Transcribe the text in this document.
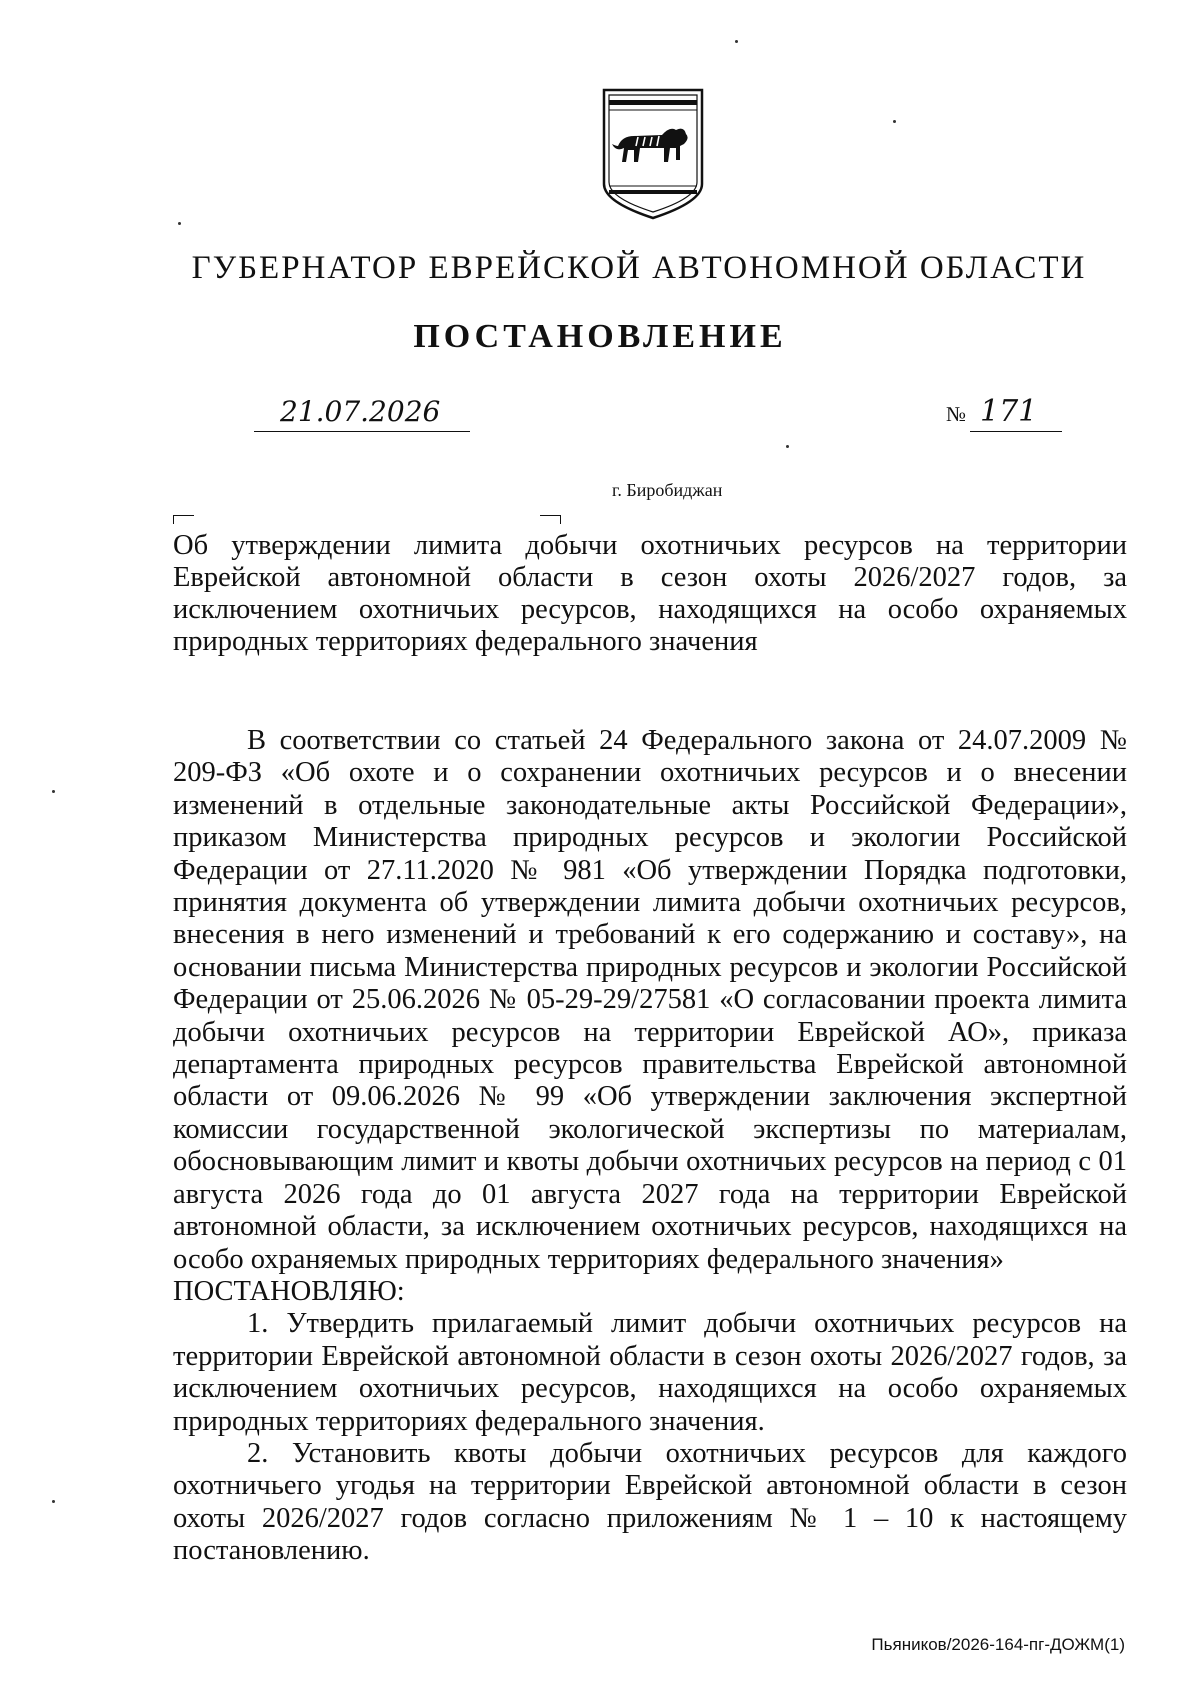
ГУБЕРНАТОР ЕВРЕЙСКОЙ АВТОНОМНОЙ ОБЛАСТИ
ПОСТАНОВЛЕНИЕ
21.07.2026	№ 171
г. Биробиджан
Об утверждении лимита добычи охотничьих ресурсов на территории Еврейской автономной области в сезон охоты 2026/2027 годов, за исключением охотничьих ресурсов, находящихся на особо охраняемых природных территориях федерального значения

В соответствии со статьей 24 Федерального закона от 24.07.2009 № 209-ФЗ «Об охоте и о сохранении охотничьих ресурсов и о внесении изменений в отдельные законодательные акты Российской Федерации», приказом Министерства природных ресурсов и экологии Российской Федерации от 27.11.2020 № 981 «Об утверждении Порядка подготовки, принятия документа об утверждении лимита добычи охотничьих ресурсов, внесения в него изменений и требований к его содержанию и составу», на основании письма Министерства природных ресурсов и экологии Российской Федерации от 25.06.2026 № 05-29-29/27581 «О согласовании проекта лимита добычи охотничьих ресурсов на территории Еврейской АО», приказа департамента природных ресурсов правительства Еврейской автономной области от 09.06.2026 № 99 «Об утверждении заключения экспертной комиссии государственной экологической экспертизы по материалам, обосновывающим лимит и квоты добычи охотничьих ресурсов на период с 01 августа 2026 года до 01 августа 2027 года на территории Еврейской автономной области, за исключением охотничьих ресурсов, находящихся на особо охраняемых природных территориях федерального значения»

ПОСТАНОВЛЯЮ:

1. Утвердить прилагаемый лимит добычи охотничьих ресурсов на территории Еврейской автономной области в сезон охоты 2026/2027 годов, за исключением охотничьих ресурсов, находящихся на особо охраняемых природных территориях федерального значения.

2. Установить квоты добычи охотничьих ресурсов для каждого охотничьего угодья на территории Еврейской автономной области в сезон охоты 2026/2027 годов согласно приложениям № 1 – 10 к настоящему постановлению.

Пьяников/2026-164-пг-ДОЖМ(1)
